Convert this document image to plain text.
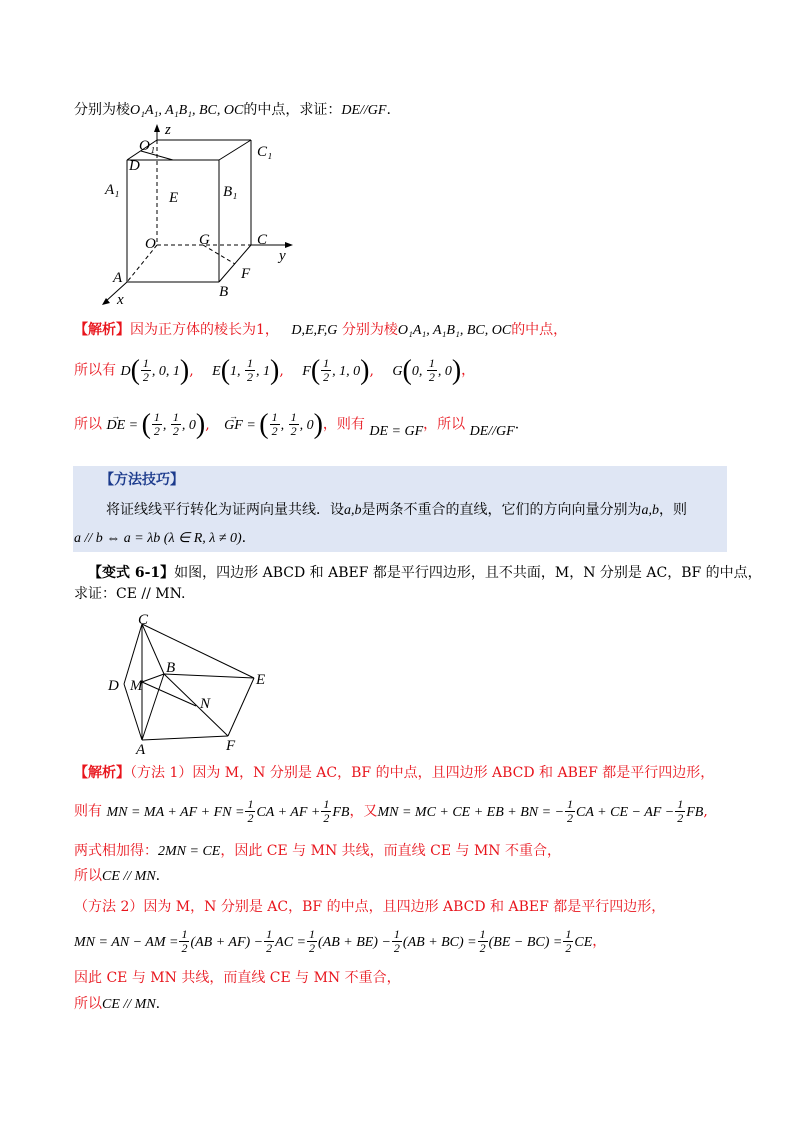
分别为棱O₁A₁, A₁B₁, BC, OC的中点，求证：DE//GF.
z
O₁	C₁
D
A₁	E	B₁
O	G	C
y
A	F
B
x
【解析】因为正方体的棱长为1， D,E,F,G 分别为棱O₁A₁, A₁B₁, BC, OC的中点，
所以有 $D( \frac{1}{2}$ , 0, 1), E(1, $\frac{1}{2}$ , 1), $F( \frac{1}{2}$ , 1, 0), G(0, $\frac{1}{2}$ , 0)，
所以 → DE = ( $\frac{1}{2}$ , $\frac{1}{2}$ , 0), → GF = ( $\frac{1}{2}$ , $\frac{1}{2}$ , 0)，则有 DE = GF，所以 DE//GF.
【方法技巧】
将证线线平行转化为证两向量共线．设a,b是两条不重合的直线，它们的方向向量分别为a,b，则
a // b ⇔ a = λb (λ ∈ R, λ ≠ 0).
【变式 6-1】如图，四边形 ABCD 和 ABEF 都是平行四边形，且不共面，M，N 分别是 AC，BF 的中点，
求证：CE // MN.
C
B
D M	E
N
A	F
【解析】（方法 1）因为 M，N 分别是 AC，BF 的中点，且四边形 ABCD 和 ABEF 都是平行四边形，
则有 MN = MA + AF + FN = $\frac{1}{2}$ CA + AF + $\frac{1}{2}$ FB，又MN = MC + CE + EB + BN = − $\frac{1}{2}$ CA + CE − AF − $\frac{1}{2}$ FB,
两式相加得：2MN = CE，因此 CE 与 MN 共线，而直线 CE 与 MN 不重合，
所以CE // MN.
（方法 2）因为 M，N 分别是 AC，BF 的中点，且四边形 ABCD 和 ABEF 都是平行四边形，
MN = AN − AM = $\frac{1}{2} (AB + AF) - \frac{1}{2}$ AC = $\frac{1}{2} (AB + BE) - \frac{1}{2} (AB + BC) = \frac{1}{2} (BE - BC) = \frac{1}{2}$ CE，
因此 CE 与 MN 共线，而直线 CE 与 MN 不重合，
所以CE // MN.
